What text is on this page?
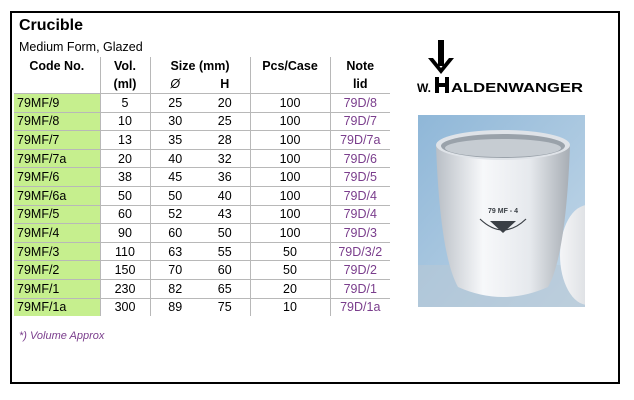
Crucible
Medium Form, Glazed
Code No.	Vol.	Size (mm)		Pcs/Case	Note
	(ml)	Ø	H		lid
79MF/9	5	25	20	100	79D/8
79MF/8	10	30	25	100	79D/7
79MF/7	13	35	28	100	79D/7a
79MF/7a	20	40	32	100	79D/6
79MF/6	38	45	36	100	79D/5
79MF/6a	50	50	40	100	79D/4
79MF/5	60	52	43	100	79D/4
79MF/4	90	60	50	100	79D/3
79MF/3	110	63	55	50	79D/3/2
79MF/2	150	70	60	50	79D/2
79MF/1	230	82	65	20	79D/1
79MF/1a	300	89	75	10	79D/1a
*) Volume Approx
W. ALDENWANGER
79 MF - 4
